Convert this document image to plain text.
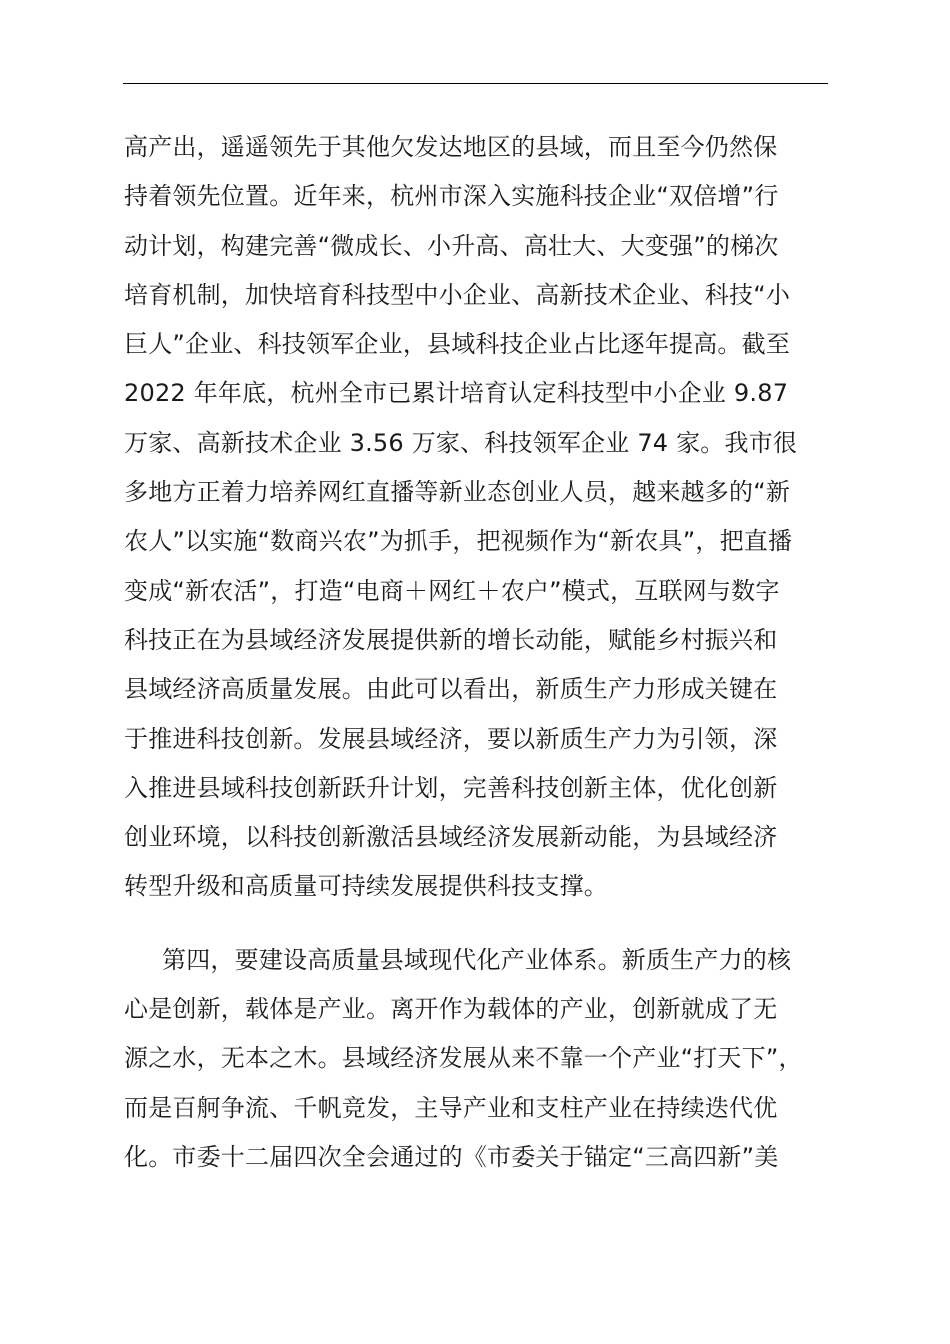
高产出，遥遥领先于其他欠发达地区的县域，而且至今仍然保
持着领先位置。近年来，杭州市深入实施科技企业“双倍增”行
动计划，构建完善“微成长、小升高、高壮大、大变强”的梯次
培育机制，加快培育科技型中小企业、高新技术企业、科技“小
巨人”企业、科技领军企业，县域科技企业占比逐年提高。截至
2022 年年底，杭州全市已累计培育认定科技型中小企业 9.87
万家、高新技术企业 3.56 万家、科技领军企业 74 家。我市很
多地方正着力培养网红直播等新业态创业人员，越来越多的“新
农人”以实施“数商兴农”为抓手，把视频作为“新农具”，把直播
变成“新农活”，打造“电商＋网红＋农户”模式，互联网与数字
科技正在为县域经济发展提供新的增长动能，赋能乡村振兴和
县域经济高质量发展。由此可以看出，新质生产力形成关键在
于推进科技创新。发展县域经济，要以新质生产力为引领，深
入推进县域科技创新跃升计划，完善科技创新主体，优化创新
创业环境，以科技创新激活县域经济发展新动能，为县域经济
转型升级和高质量可持续发展提供科技支撑。
第四，要建设高质量县域现代化产业体系。新质生产力的核
心是创新，载体是产业。离开作为载体的产业，创新就成了无
源之水，无本之木。县域经济发展从来不靠一个产业“打天下”，
而是百舸争流、千帆竞发，主导产业和支柱产业在持续迭代优
化。市委十二届四次全会通过的《市委关于锚定“三高四新”美
